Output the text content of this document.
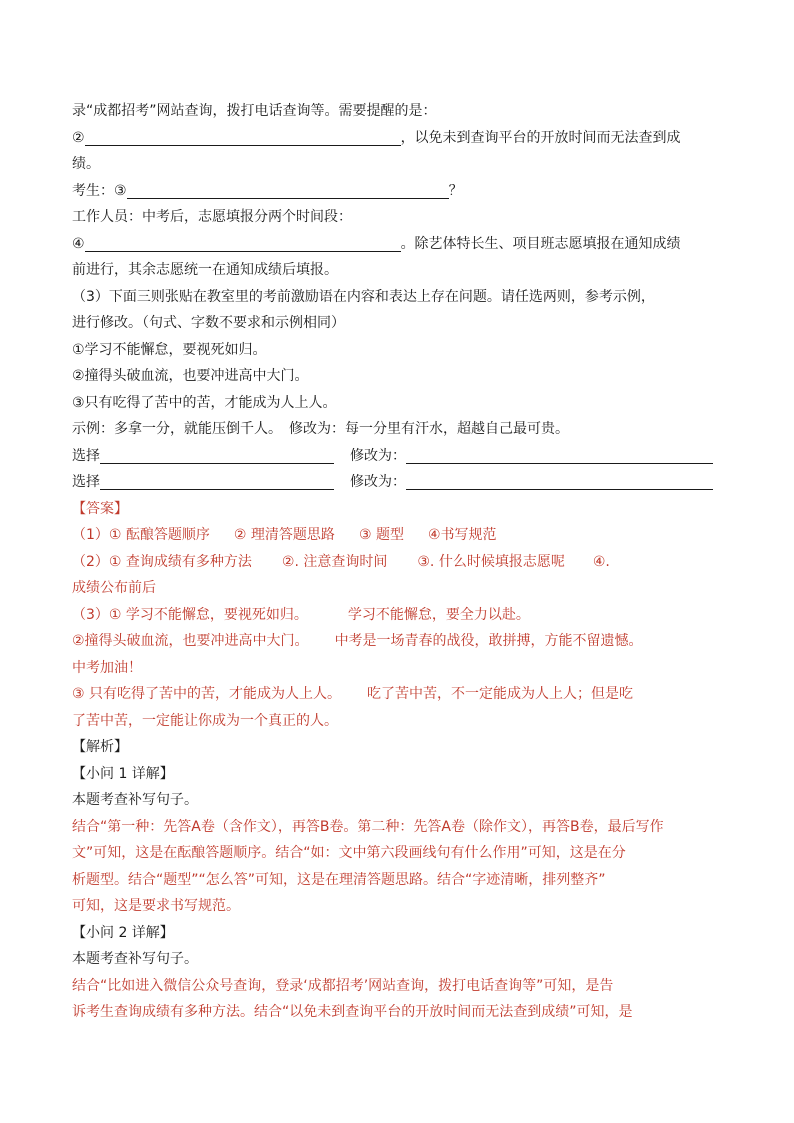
录“成都招考”网站查询，拨打电话查询等。需要提醒的是：
②	，以免未到查询平台的开放时间而无法查到成
绩。
考生：③	？
工作人员：中考后，志愿填报分两个时间段：
④	。除艺体特长生、项目班志愿填报在通知成绩
前进行，其余志愿统一在通知成绩后填报。
（3）下面三则张贴在教室里的考前激励语在内容和表达上存在问题。请任选两则，参考示例，
进行修改。（句式、字数不要求和示例相同）
①学习不能懈怠，要视死如归。
②撞得头破血流，也要冲进高中大门。
③只有吃得了苦中的苦，才能成为人上人。
示例：多拿一分，就能压倒千人。　修改为：每一分里有汗水，超越自己最可贵。
选择	修改为：
选择	修改为：
【答案】
（1）① 酝酿答题顺序 ② 理清答题思路 ③ 题型 ④书写规范
（2）① 查询成绩有多种方法 ②. 注意查询时间 ③. 什么时候填报志愿呢 ④.
成绩公布前后
（3）① 学习不能懈怠，要视死如归。	学习不能懈怠，要全力以赴。
②撞得头破血流，也要冲进高中大门。 中考是一场青春的战役，敢拼搏，方能不留遗憾。
中考加油！
③ 只有吃得了苦中的苦，才能成为人上人。 吃了苦中苦，不一定能成为人上人；但是吃
了苦中苦，一定能让你成为一个真正的人。
【解析】
【小问 1 详解】
本题考查补写句子。
结合“第一种：先答A卷（含作文），再答B卷。第二种：先答A卷（除作文），再答B卷，最后写作
文”可知，这是在酝酿答题顺序。结合“如：文中第六段画线句有什么作用”可知，这是在分
析题型。结合“题型”“怎么答”可知，这是在理清答题思路。结合“字迹清晰，排列整齐”
可知，这是要求书写规范。
【小问 2 详解】
本题考查补写句子。
结合“比如进入微信公众号查询，登录‘成都招考’网站查询，拨打电话查询等”可知，是告
诉考生查询成绩有多种方法。结合“以免未到查询平台的开放时间而无法查到成绩”可知，是
